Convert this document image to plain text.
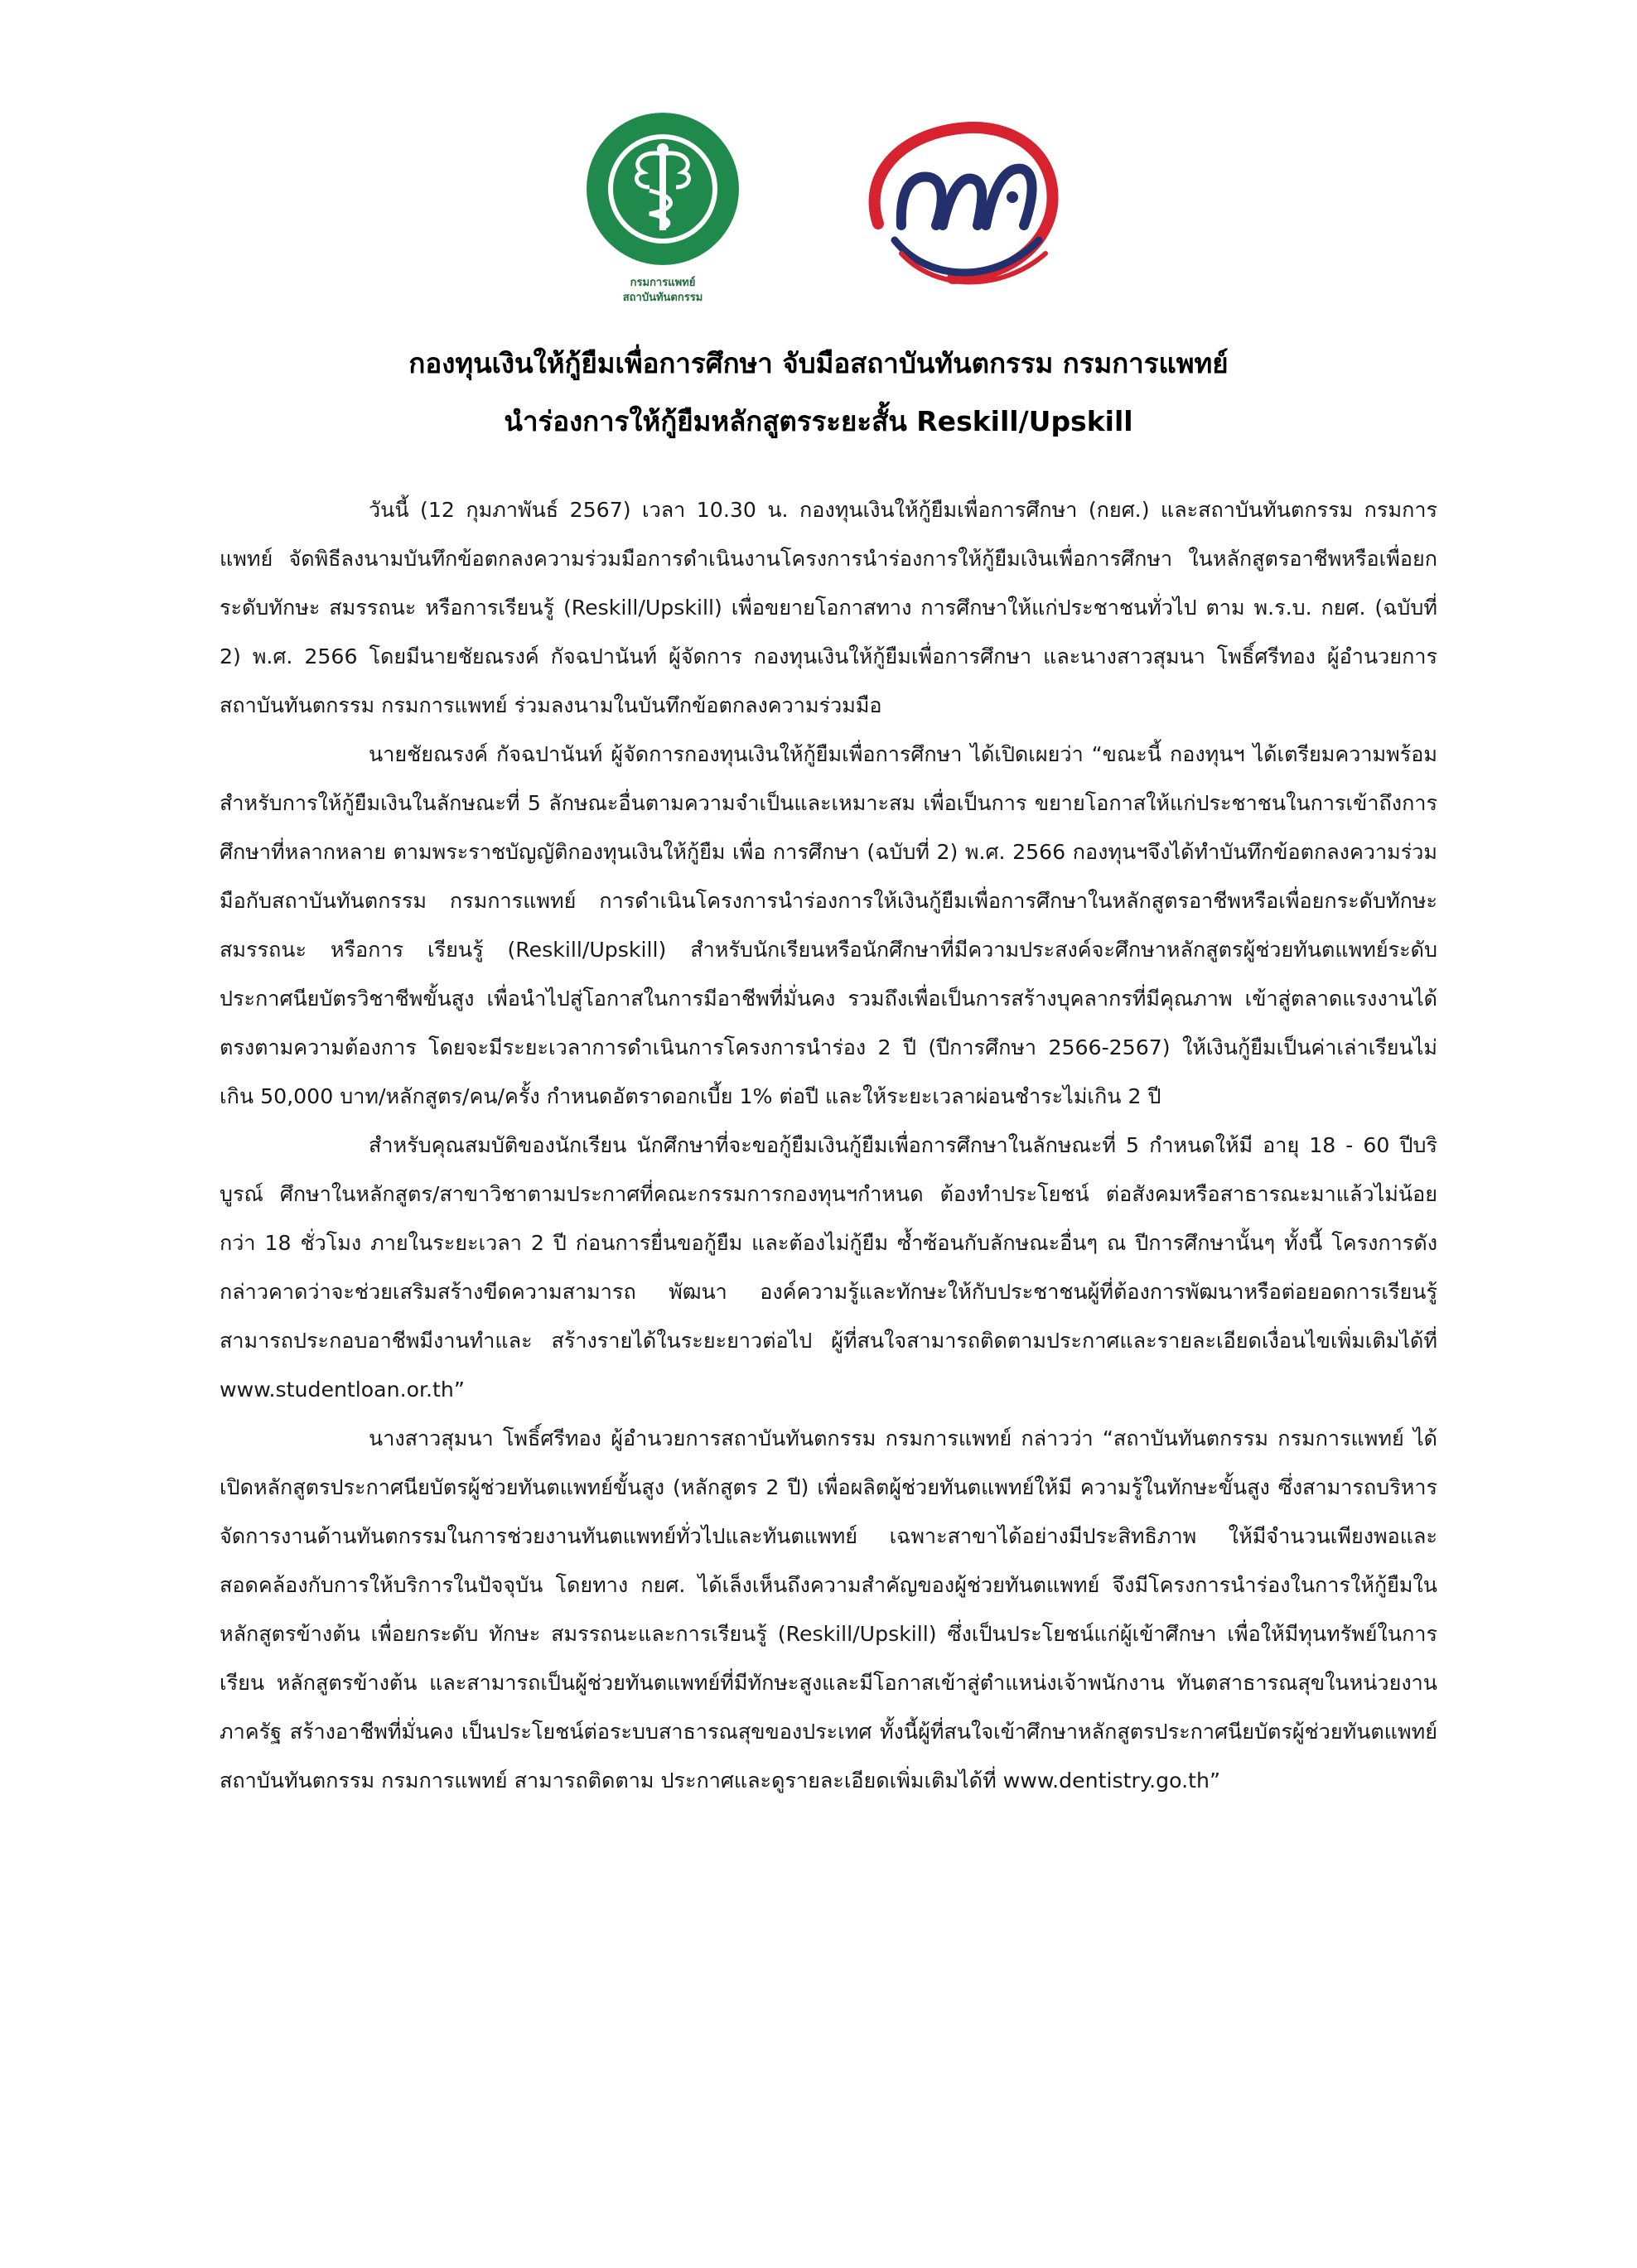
กรมการแพทย์
สถาบันทันตกรรม
กองทุนเงินให้กู้ยืมเพื่อการศึกษา จับมือสถาบันทันตกรรม กรมการแพทย์
นำร่องการให้กู้ยืมหลักสูตรระยะสั้น Reskill/Upskill

วันนี้ (12 กุมภาพันธ์ 2567) เวลา 10.30 น. กองทุนเงินให้กู้ยืมเพื่อการศึกษา (กยศ.) และสถาบันทันตกรรม กรมการแพทย์ จัดพิธีลงนามบันทึกข้อตกลงความร่วมมือการดำเนินงานโครงการนำร่องการให้กู้ยืมเงินเพื่อการศึกษา ในหลักสูตรอาชีพหรือเพื่อยกระดับทักษะ สมรรถนะ หรือการเรียนรู้ (Reskill/Upskill) เพื่อขยายโอกาสทาง การศึกษาให้แก่ประชาชนทั่วไป ตาม พ.ร.บ. กยศ. (ฉบับที่ 2) พ.ศ. 2566 โดยมีนายชัยณรงค์ กัจฉปานันท์ ผู้จัดการ กองทุนเงินให้กู้ยืมเพื่อการศึกษา และนางสาวสุมนา โพธิ์ศรีทอง ผู้อำนวยการสถาบันทันตกรรม กรมการแพทย์ ร่วมลงนามในบันทึกข้อตกลงความร่วมมือ

นายชัยณรงค์ กัจฉปานันท์ ผู้จัดการกองทุนเงินให้กู้ยืมเพื่อการศึกษา ได้เปิดเผยว่า “ขณะนี้ กองทุนฯ ได้เตรียมความพร้อมสำหรับการให้กู้ยืมเงินในลักษณะที่ 5 ลักษณะอื่นตามความจำเป็นและเหมาะสม เพื่อเป็นการ ขยายโอกาสให้แก่ประชาชนในการเข้าถึงการศึกษาที่หลากหลาย ตามพระราชบัญญัติกองทุนเงินให้กู้ยืม เพื่อ การศึกษา (ฉบับที่ 2) พ.ศ. 2566 กองทุนฯจึงได้ทำบันทึกข้อตกลงความร่วมมือกับสถาบันทันตกรรม กรมการแพทย์ การดำเนินโครงการนำร่องการให้เงินกู้ยืมเพื่อการศึกษาในหลักสูตรอาชีพหรือเพื่อยกระดับทักษะ สมรรถนะ หรือการ เรียนรู้ (Reskill/Upskill) สำหรับนักเรียนหรือนักศึกษาที่มีความประสงค์จะศึกษาหลักสูตรผู้ช่วยทันตแพทย์ระดับ ประกาศนียบัตรวิชาชีพขั้นสูง เพื่อนำไปสู่โอกาสในการมีอาชีพที่มั่นคง รวมถึงเพื่อเป็นการสร้างบุคลากรที่มีคุณภาพ เข้าสู่ตลาดแรงงานได้ตรงตามความต้องการ โดยจะมีระยะเวลาการดำเนินการโครงการนำร่อง 2 ปี (ปีการศึกษา 2566-2567) ให้เงินกู้ยืมเป็นค่าเล่าเรียนไม่เกิน 50,000 บาท/หลักสูตร/คน/ครั้ง กำหนดอัตราดอกเบี้ย 1% ต่อปี และให้ระยะเวลาผ่อนชำระไม่เกิน 2 ปี

สำหรับคุณสมบัติของนักเรียน นักศึกษาที่จะขอกู้ยืมเงินกู้ยืมเพื่อการศึกษาในลักษณะที่ 5 กำหนดให้มี อายุ 18 - 60 ปีบริบูรณ์ ศึกษาในหลักสูตร/สาขาวิชาตามประกาศที่คณะกรรมการกองทุนฯกำหนด ต้องทำประโยชน์ ต่อสังคมหรือสาธารณะมาแล้วไม่น้อยกว่า 18 ชั่วโมง ภายในระยะเวลา 2 ปี ก่อนการยื่นขอกู้ยืม และต้องไม่กู้ยืม ซ้ำซ้อนกับลักษณะอื่นๆ ณ ปีการศึกษานั้นๆ ทั้งนี้ โครงการดังกล่าวคาดว่าจะช่วยเสริมสร้างขีดความสามารถ พัฒนา องค์ความรู้และทักษะให้กับประชาชนผู้ที่ต้องการพัฒนาหรือต่อยอดการเรียนรู้ สามารถประกอบอาชีพมีงานทำและ สร้างรายได้ในระยะยาวต่อไป ผู้ที่สนใจสามารถติดตามประกาศและรายละเอียดเงื่อนไขเพิ่มเติมได้ที่ www.studentloan.or.th”

นางสาวสุมนา โพธิ์ศรีทอง ผู้อำนวยการสถาบันทันตกรรม กรมการแพทย์ กล่าวว่า “สถาบันทันตกรรม กรมการแพทย์ ได้เปิดหลักสูตรประกาศนียบัตรผู้ช่วยทันตแพทย์ขั้นสูง (หลักสูตร 2 ปี) เพื่อผลิตผู้ช่วยทันตแพทย์ให้มี ความรู้ในทักษะขั้นสูง ซึ่งสามารถบริหารจัดการงานด้านทันตกรรมในการช่วยงานทันตแพทย์ทั่วไปและทันตแพทย์ เฉพาะสาขาได้อย่างมีประสิทธิภาพ ให้มีจำนวนเพียงพอและสอดคล้องกับการให้บริการในปัจจุบัน โดยทาง กยศ. ได้เล็งเห็นถึงความสำคัญของผู้ช่วยทันตแพทย์ จึงมีโครงการนำร่องในการให้กู้ยืมในหลักสูตรข้างต้น เพื่อยกระดับ ทักษะ สมรรถนะและการเรียนรู้ (Reskill/Upskill) ซึ่งเป็นประโยชน์แก่ผู้เข้าศึกษา เพื่อให้มีทุนทรัพย์ในการเรียน หลักสูตรข้างต้น และสามารถเป็นผู้ช่วยทันตแพทย์ที่มีทักษะสูงและมีโอกาสเข้าสู่ตำแหน่งเจ้าพนักงาน ทันตสาธารณสุขในหน่วยงานภาครัฐ สร้างอาชีพที่มั่นคง เป็นประโยชน์ต่อระบบสาธารณสุขของประเทศ ทั้งนี้ผู้ที่สนใจเข้าศึกษาหลักสูตรประกาศนียบัตรผู้ช่วยทันตแพทย์ สถาบันทันตกรรม กรมการแพทย์ สามารถติดตาม ประกาศและดูรายละเอียดเพิ่มเติมได้ที่ www.dentistry.go.th”
